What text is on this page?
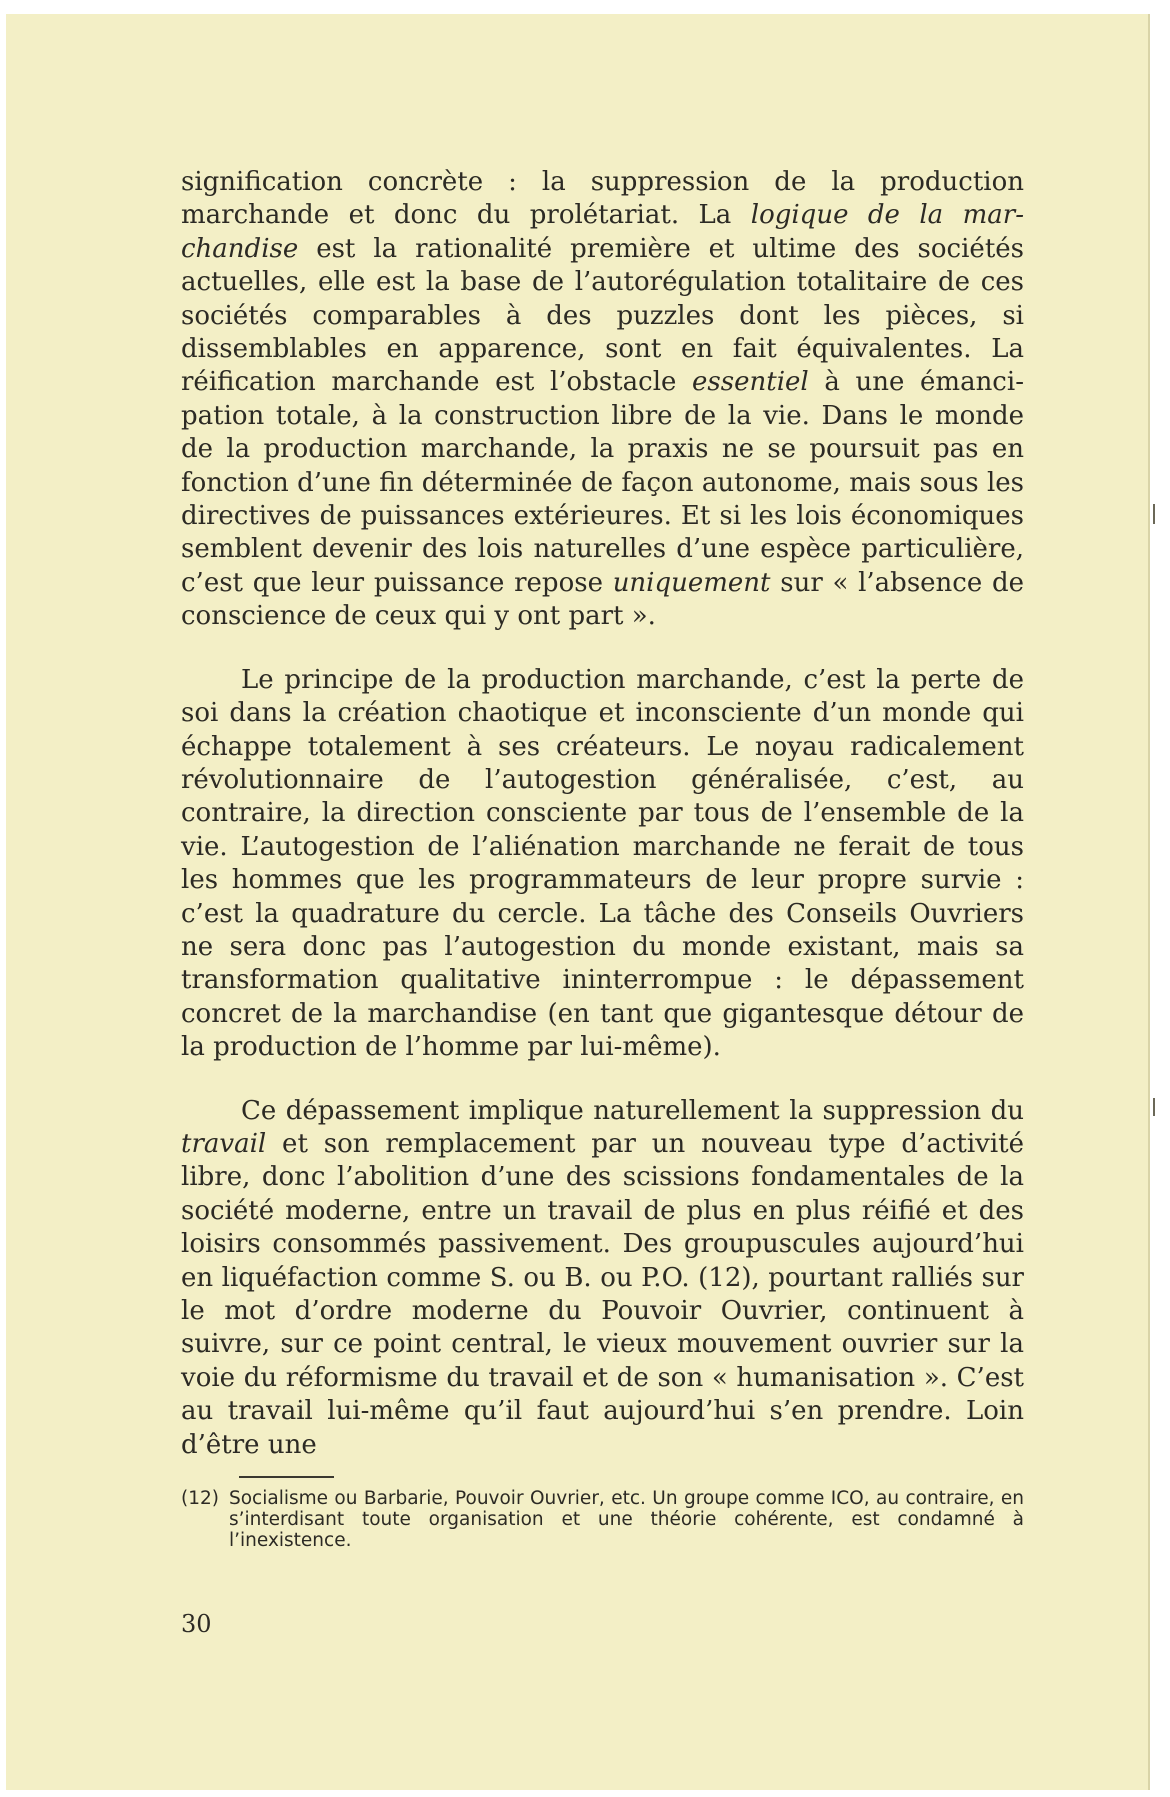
signification concrète : la suppression de la production marchande et donc du prolétariat. La logique de la marchandise est la rationalité première et ultime des sociétés actuelles, elle est la base de l’autorégulation totalitaire de ces sociétés comparables à des puzzles dont les pièces, si dissemblables en apparence, sont en fait équivalentes. La réification marchande est l’obstacle essentiel à une émancipation totale, à la construction libre de la vie. Dans le monde de la production marchande, la praxis ne se poursuit pas en fonction d’une fin déterminée de façon autonome, mais sous les directives de puissances extérieures. Et si les lois économiques semblent devenir des lois naturelles d’une espèce particulière, c’est que leur puissance repose uniquement sur « l’absence de conscience de ceux qui y ont part ».

Le principe de la production marchande, c’est la perte de soi dans la création chaotique et inconsciente d’un monde qui échappe totalement à ses créateurs. Le noyau radicalement révolutionnaire de l’autogestion généralisée, c’est, au contraire, la direction consciente par tous de l’ensemble de la vie. L’autogestion de l’aliénation marchande ne ferait de tous les hommes que les programmateurs de leur propre survie : c’est la quadrature du cercle. La tâche des Conseils Ouvriers ne sera donc pas l’autogestion du monde existant, mais sa transformation qualitative ininterrompue : le dépassement concret de la marchandise (en tant que gigantesque détour de la production de l’homme par lui-même).

Ce dépassement implique naturellement la suppression du travail et son remplacement par un nouveau type d’activité libre, donc l’abolition d’une des scissions fondamentales de la société moderne, entre un travail de plus en plus réifié et des loisirs consommés passivement. Des groupuscules aujourd’hui en liquéfaction comme S. ou B. ou P.O. (12), pourtant ralliés sur le mot d’ordre moderne du Pouvoir Ouvrier, continuent à suivre, sur ce point central, le vieux mouvement ouvrier sur la voie du réformisme du travail et de son « humanisation ». C’est au travail lui-même qu’il faut aujourd’hui s’en prendre. Loin d’être une

(12) Socialisme ou Barbarie, Pouvoir Ouvrier, etc. Un groupe comme ICO, au contraire, en s’interdisant toute organisation et une théorie cohérente, est condamné à l’inexistence.
30
